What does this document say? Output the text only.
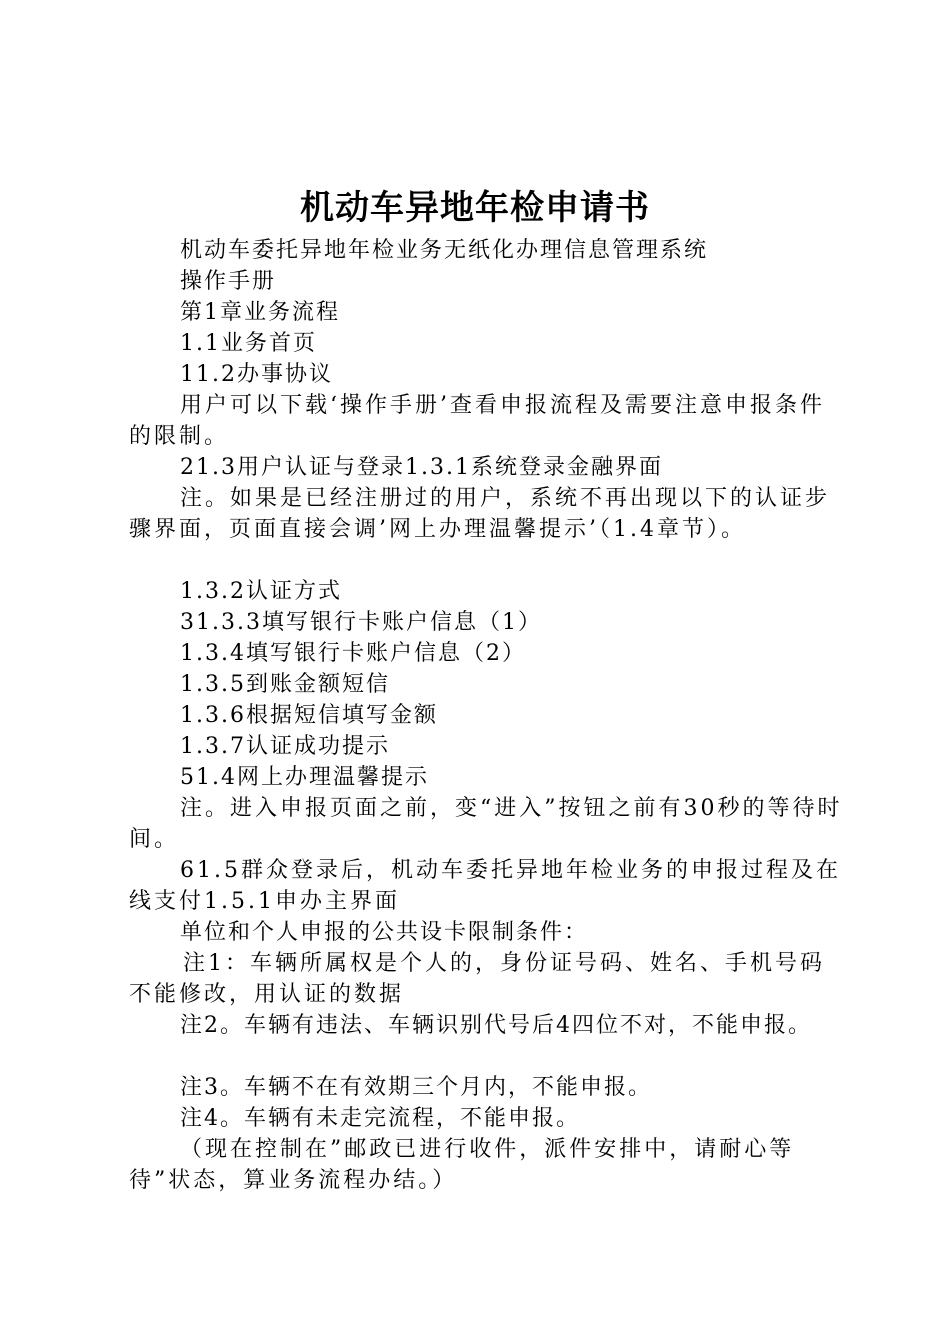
机动车异地年检申请书

机动车委托异地年检业务无纸化办理信息管理系统

操作手册

第1章业务流程

1.1业务首页

11.2办事协议

用户可以下载‘操作手册’查看申报流程及需要注意申报条件的限制。

21.3用户认证与登录1.3.1系统登录金融界面

注。如果是已经注册过的用户，系统不再出现以下的认证步骤界面，页面直接会调’网上办理温馨提示’（1.4章节）。

1.3.2认证方式

31.3.3填写银行卡账户信息（1）

1.3.4填写银行卡账户信息（2）

1.3.5到账金额短信

1.3.6根据短信填写金额

1.3.7认证成功提示

51.4网上办理温馨提示

注。进入申报页面之前，变“进入”按钮之前有30秒的等待时间。

61.5群众登录后，机动车委托异地年检业务的申报过程及在线支付1.5.1申办主界面

单位和个人申报的公共设卡限制条件：

注1：车辆所属权是个人的，身份证号码、姓名、手机号码不能修改，用认证的数据

注2。车辆有违法、车辆识别代号后4四位不对，不能申报。

注3。车辆不在有效期三个月内，不能申报。

注4。车辆有未走完流程，不能申报。

（现在控制在”邮政已进行收件，派件安排中，请耐心等待”状态，算业务流程办结。）
